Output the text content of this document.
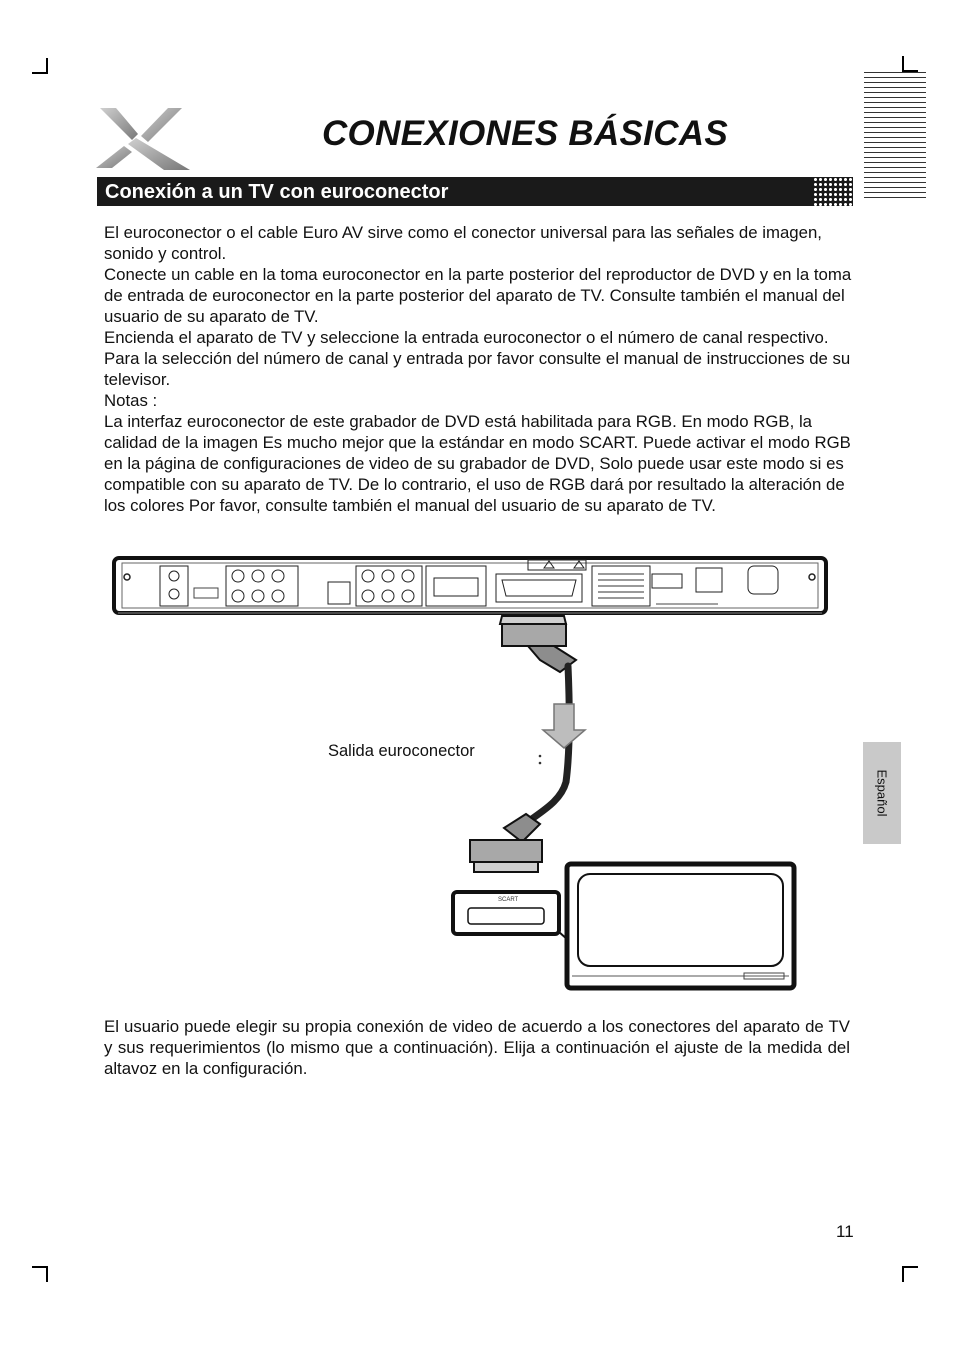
CONEXIONES BÁSICAS
Conexión a un TV con euroconector

El euroconector o el cable Euro AV sirve como el conector universal para las señales de imagen, sonido y control.

Conecte un cable en la toma euroconector en la parte posterior del reproductor de DVD y en la toma de entrada de euroconector en la parte posterior del aparato de TV. Consulte también el manual del usuario de su aparato de TV.

Encienda el aparato de TV y seleccione la entrada euroconector o el número de canal respectivo. Para la selección del número de canal y entrada por favor consulte el manual de instrucciones de su televisor.

Notas :

La interfaz euroconector de este grabador de DVD está habilitada para RGB. En modo RGB, la calidad de la imagen Es mucho mejor que la estándar en modo SCART. Puede activar el modo RGB en la página de configuraciones de video de su grabador de DVD, Solo puede usar este modo si es compatible con su aparato de TV. De lo contrario, el uso de RGB dará por resultado la alteración de los colores Por favor, consulte también el manual del usuario de su aparato de TV.

SCART
Salida euroconector

El usuario puede elegir su propia conexión de video de acuerdo a los conectores del aparato de TV y sus requerimientos (lo mismo que a continuación). Elija a continuación el ajuste de la medida del altavoz en la configuración.

Español
11
